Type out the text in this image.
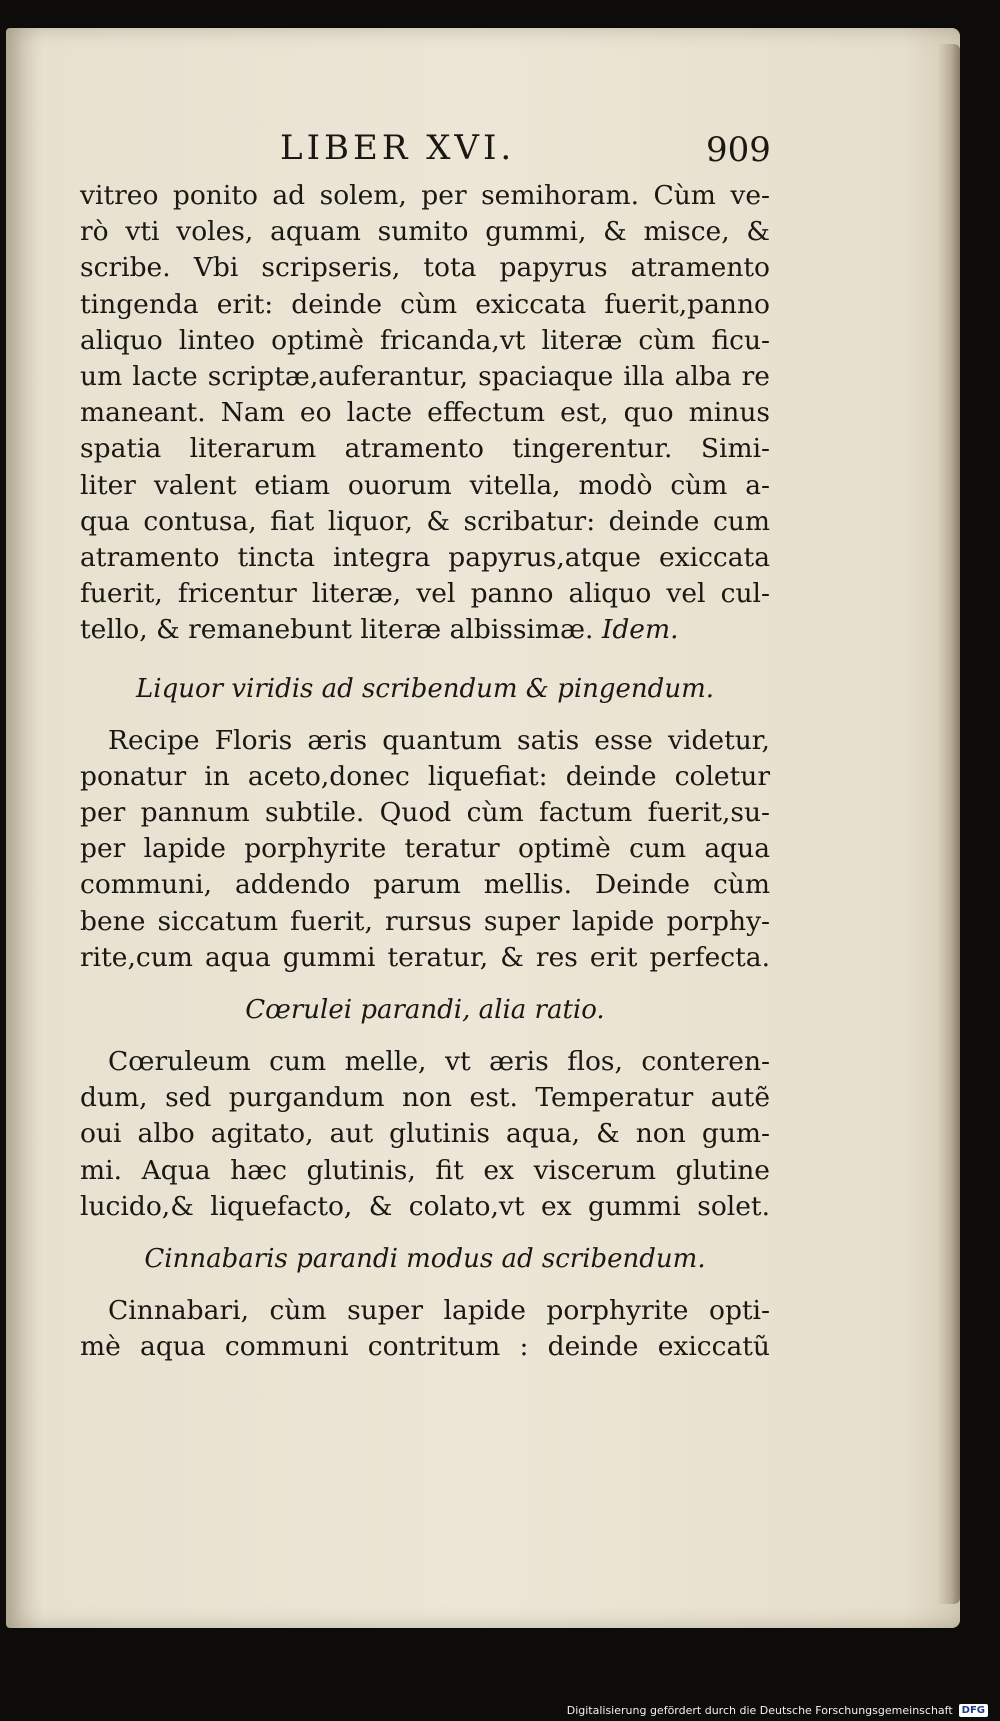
LIBER XVI.	909
vitreo ponito ad solem, per semihoram. Cùm ve-
rò vti voles, aquam sumito gummi, & misce, &
scribe. Vbi scripseris, tota papyrus atramento
tingenda erit: deinde cùm exiccata fuerit,panno
aliquo linteo optimè fricanda,vt literæ cùm ficu-
um lacte scriptæ,auferantur, spaciaque illa alba re
maneant. Nam eo lacte effectum est, quo minus
spatia literarum atramento tingerentur. Simi-
liter valent etiam ouorum vitella, modò cùm a-
qua contusa, fiat liquor, & scribatur: deinde cum
atramento tincta integra papyrus,atque exiccata
fuerit, fricentur literæ, vel panno aliquo vel cul-
tello, & remanebunt literæ albissimæ. Idem.
Liquor viridis ad scribendum & pingendum.
Recipe Floris æris quantum satis esse videtur,
ponatur in aceto,donec liquefiat: deinde coletur
per pannum subtile. Quod cùm factum fuerit,su-
per lapide porphyrite teratur optimè cum aqua
communi, addendo parum mellis. Deinde cùm
bene siccatum fuerit, rursus super lapide porphy-
rite,cum aqua gummi teratur, & res erit perfecta.
Cœrulei parandi, alia ratio.
Cœruleum cum melle, vt æris flos, conteren-
dum, sed purgandum non est. Temperatur autẽ
oui albo agitato, aut glutinis aqua, & non gum-
mi. Aqua hæc glutinis, fit ex viscerum glutine
lucido,& liquefacto, & colato,vt ex gummi solet.
Cinnabaris parandi modus ad scribendum.
Cinnabari, cùm super lapide porphyrite opti-
mè aqua communi contritum : deinde exiccatũ
Digitalisierung gefördert durch die Deutsche Forschungsgemeinschaft DFG
